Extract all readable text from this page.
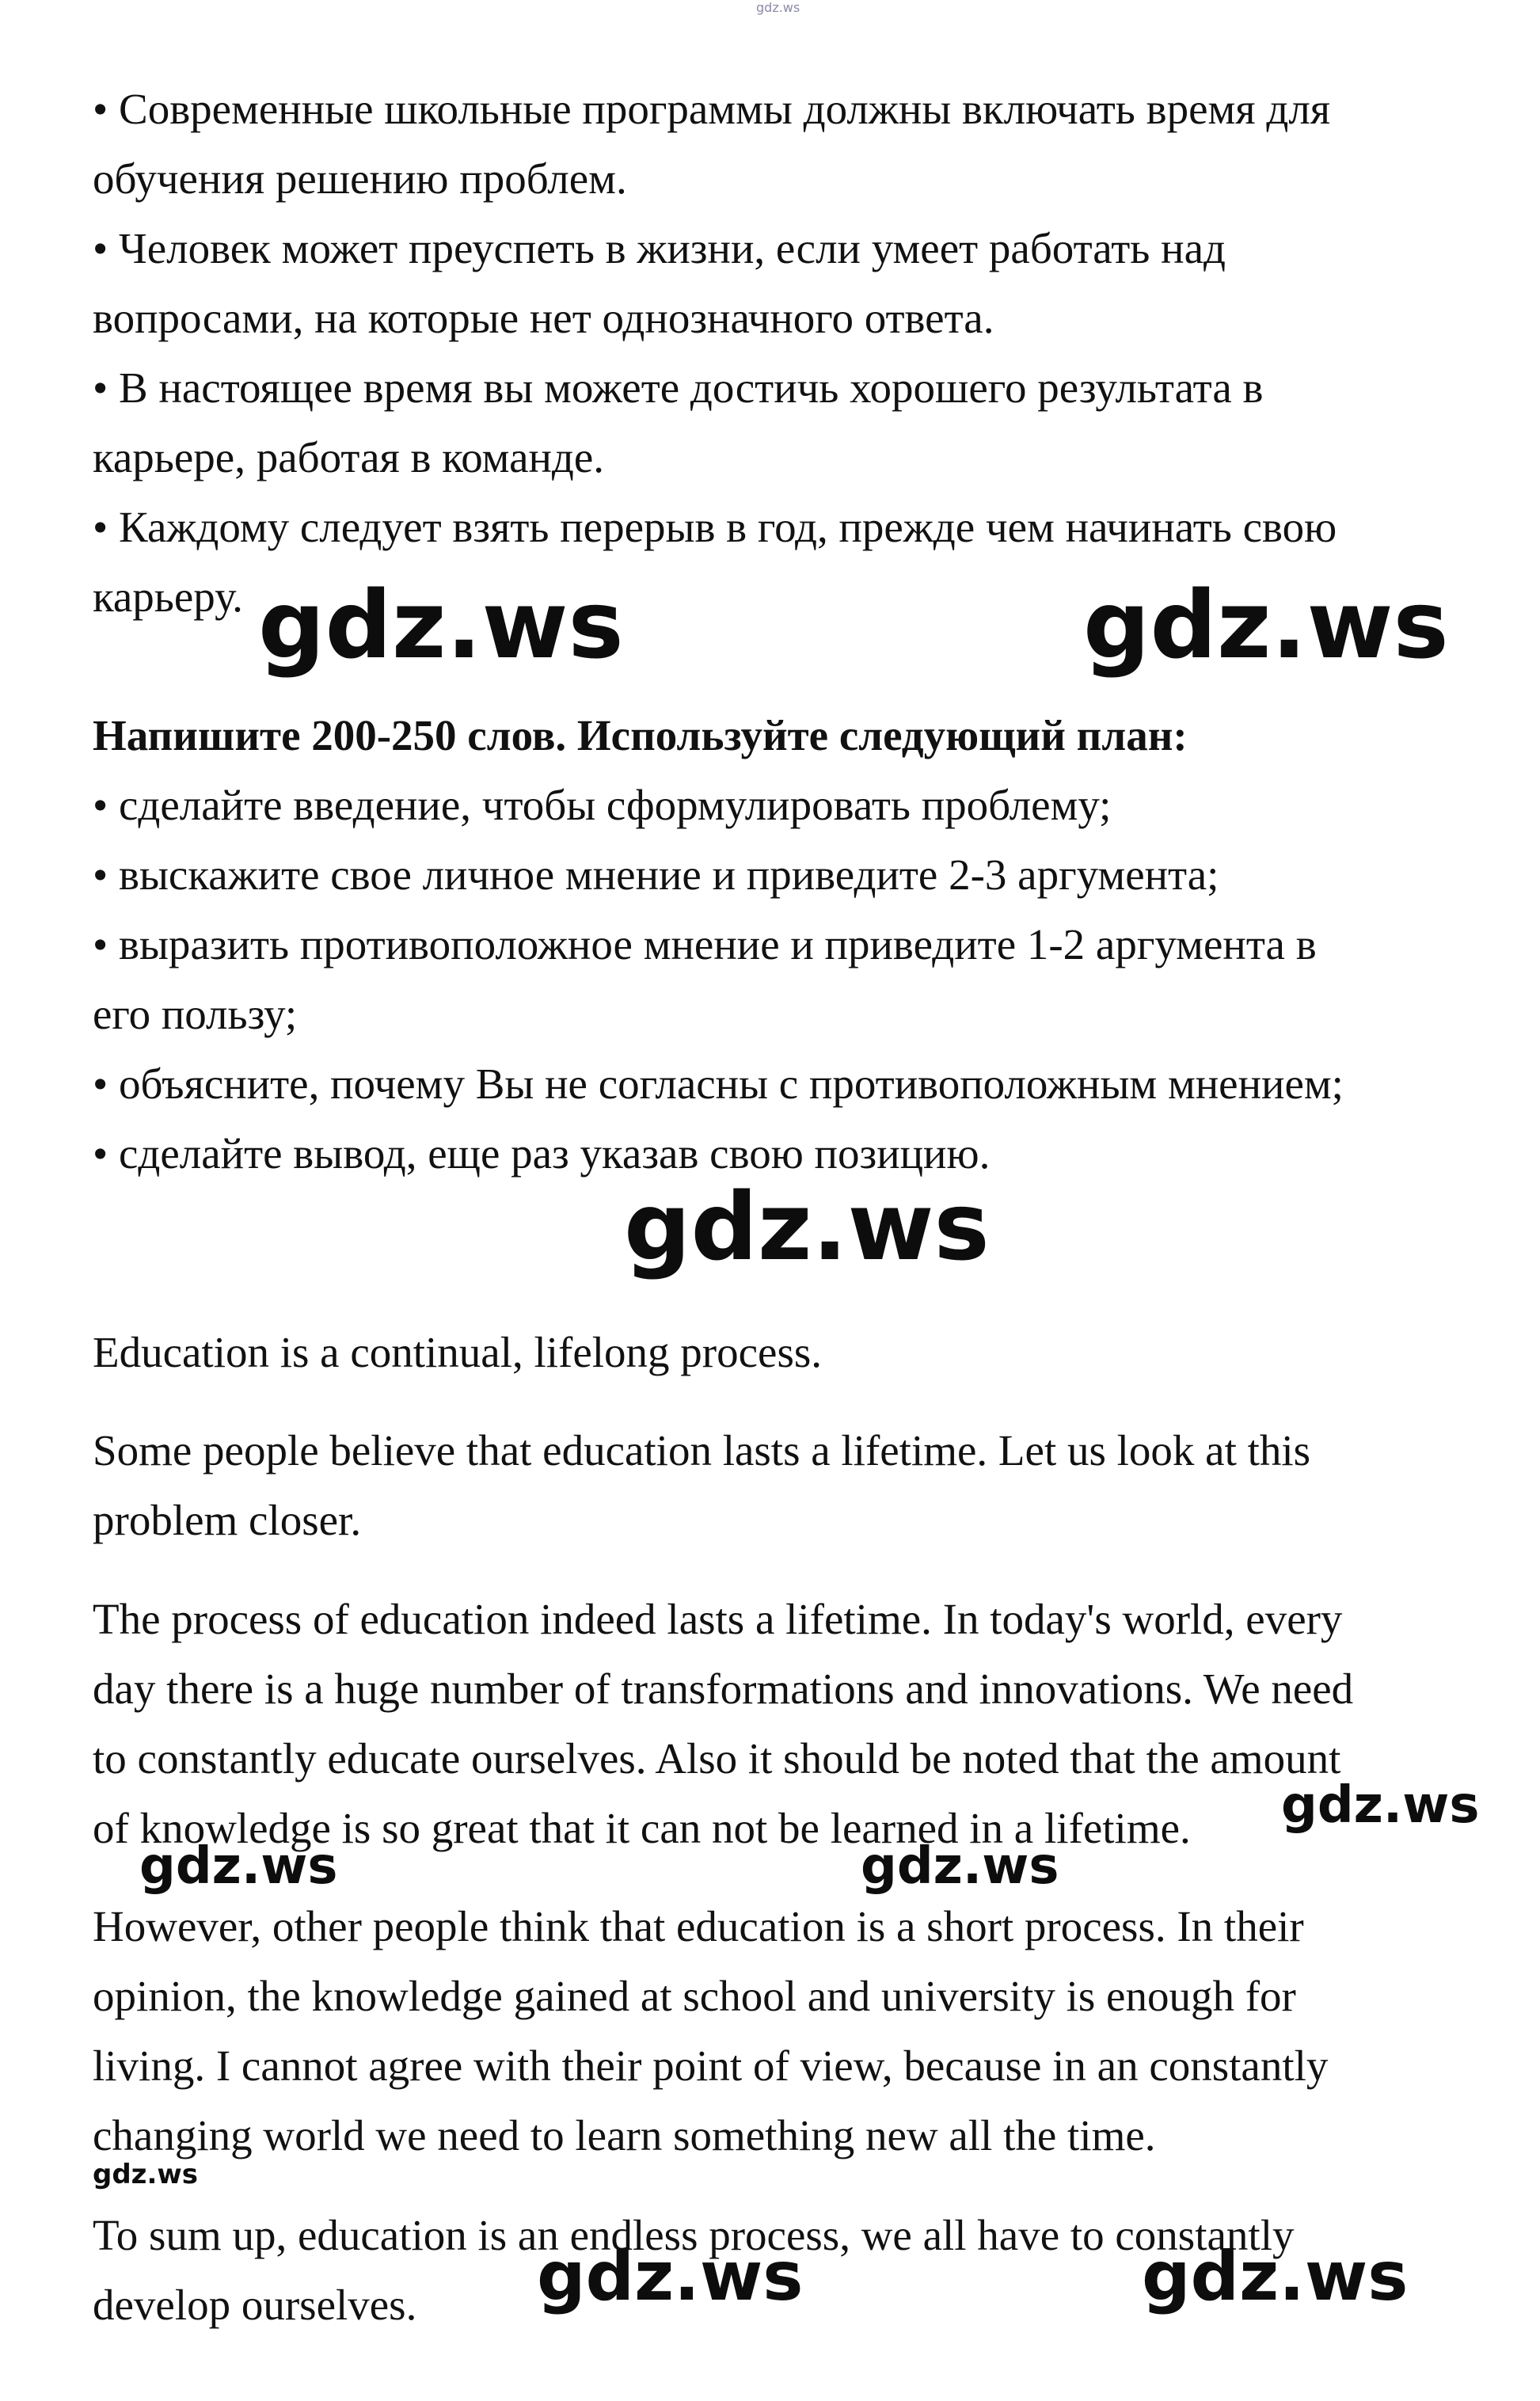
gdz.ws

• Современные школьные программы должны включать время для

обучения решению проблем.

• Человек может преуспеть в жизни, если умеет работать над

вопросами, на которые нет однозначного ответа.

• В настоящее время вы можете достичь хорошего результата в

карьере, работая в команде.

• Каждому следует взять перерыв в год, прежде чем начинать свою

карьеру. gdz.ws	gdz.ws

Напишите 200-250 слов. Используйте следующий план:

• сделайте введение, чтобы сформулировать проблему;

• выскажите свое личное мнение и приведите 2-3 аргумента;

• выразить противоположное мнение и приведите 1-2 аргумента в

его пользу;

• объясните, почему Вы не согласны с противоположным мнением;

• сделайте вывод, еще раз указав свою позицию.

gdz.ws

Education is a continual, lifelong process.

Some people believe that education lasts a lifetime. Let us look at this

problem closer.

The process of education indeed lasts a lifetime. In today's world, every

day there is a huge number of transformations and innovations. We need

to constantly educate ourselves. Also it should be noted that the amount

of knowledge is so great that it can not be learned in a lifetime. gdz.ws
gdz.ws	gdz.ws

However, other people think that education is a short process. In their

opinion, the knowledge gained at school and university is enough for

living. I cannot agree with their point of view, because in an constantly

changing world we need to learn something new all the time.

gdz.ws

To sum up, education is an endless process, we all have to constantly

develop ourselves. gdz.ws	gdz.ws
